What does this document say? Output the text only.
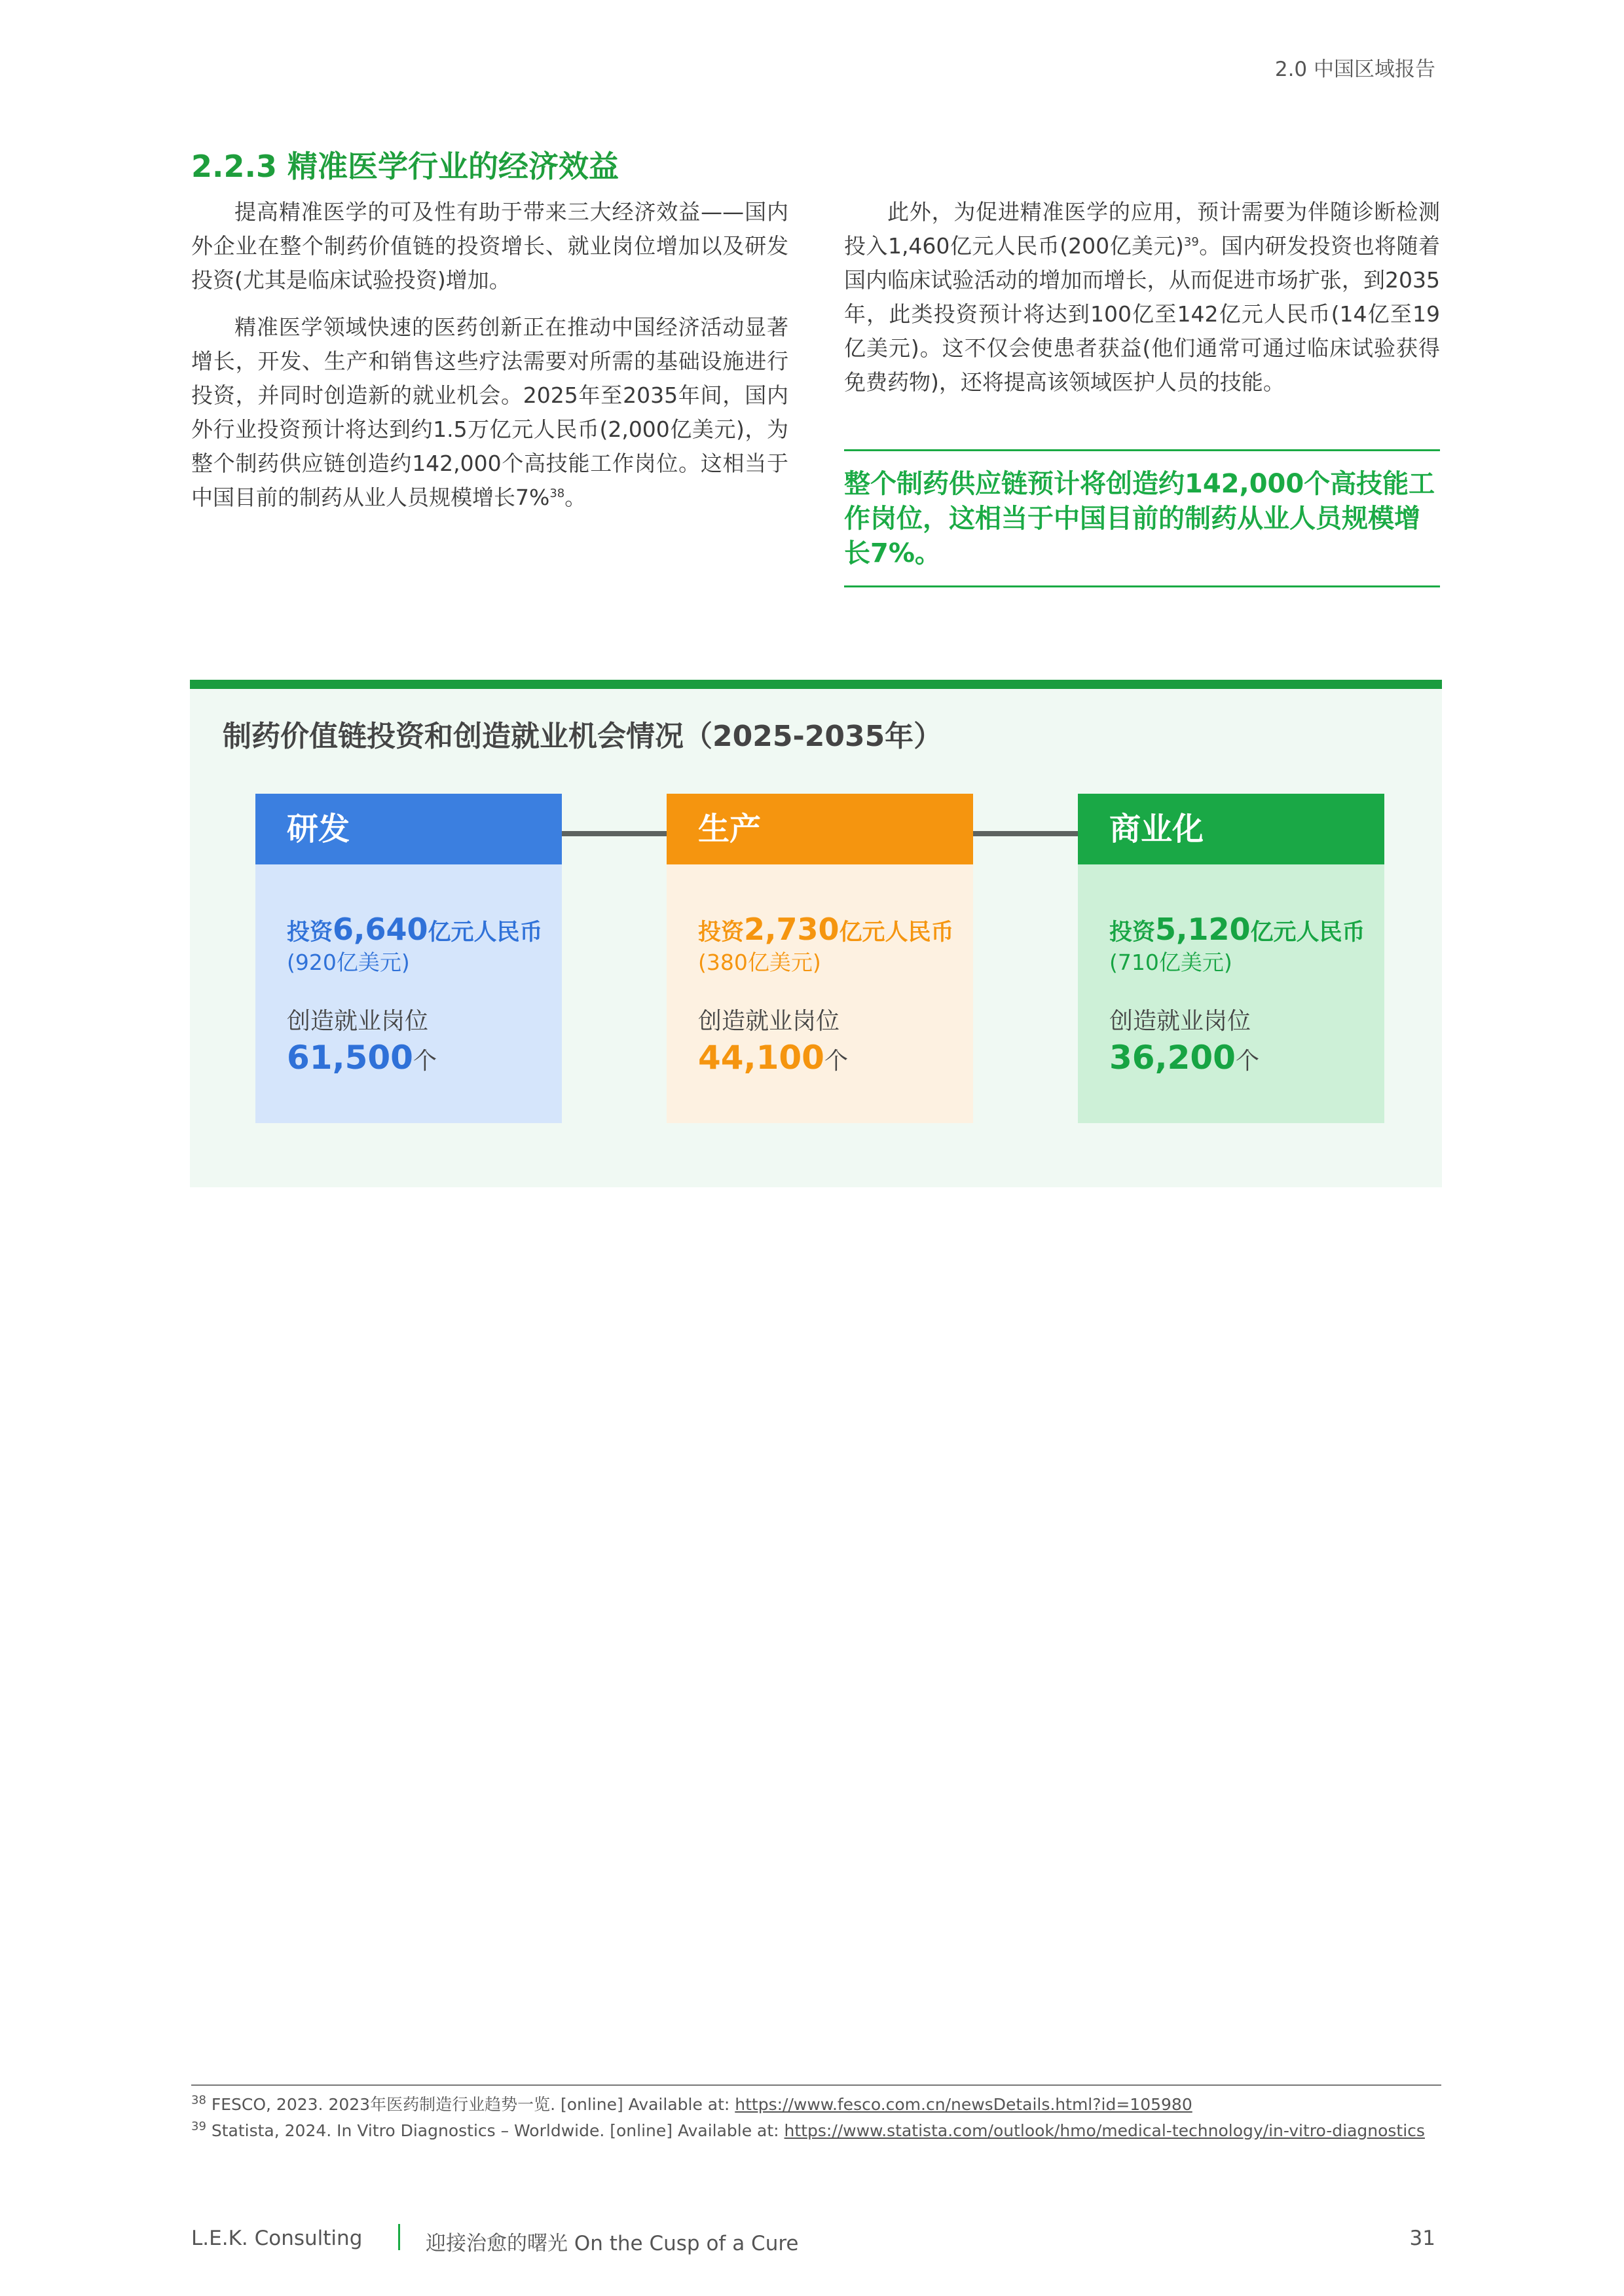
2.0 中国区域报告
2.2.3 精准医学行业的经济效益

提高精准医学的可及性有助于带来三大经济效益——国内外企业在整个制药价值链的投资增长、就业岗位增加以及研发投资(尤其是临床试验投资)增加。

精准医学领域快速的医药创新正在推动中国经济活动显著增长，开发、生产和销售这些疗法需要对所需的基础设施进行投资，并同时创造新的就业机会。2025年至2035年间，国内外行业投资预计将达到约1.5万亿元人民币(2,000亿美元)，为整个制药供应链创造约142,000个高技能工作岗位。这相当于中国目前的制药从业人员规模增长7%$^{38}$。

此外，为促进精准医学的应用，预计需要为伴随诊断检测投入1,460亿元人民币(200亿美元)$^{39}$。国内研发投资也将随着国内临床试验活动的增加而增长，从而促进市场扩张，到2035年，此类投资预计将达到100亿至142亿元人民币(14亿至19亿美元)。这不仅会使患者获益(他们通常可通过临床试验获得免费药物)，还将提高该领域医护人员的技能。

整个制药供应链预计将创造约142,000个高技能工作岗位，这相当于中国目前的制药从业人员规模增长7%。
制药价值链投资和创造就业机会情况（2025-2035年）
研发
投资6,640亿元人民币
(920亿美元)
创造就业岗位
61,500个
生产
投资2,730亿元人民币
(380亿美元)
创造就业岗位
44,100个
商业化
投资5,120亿元人民币
(710亿美元)
创造就业岗位
36,200个
$^{38}$ FESCO, 2023. 2023年医药制造行业趋势一览. [online] Available at: https://www.fesco.com.cn/newsDetails.html?id=105980
$^{39}$ Statista, 2024. In Vitro Diagnostics – Worldwide. [online] Available at: https://www.statista.com/outlook/hmo/medical-technology/in-vitro-diagnostics
L.E.K. Consulting	迎接治愈的曙光 On the Cusp of a Cure	31
